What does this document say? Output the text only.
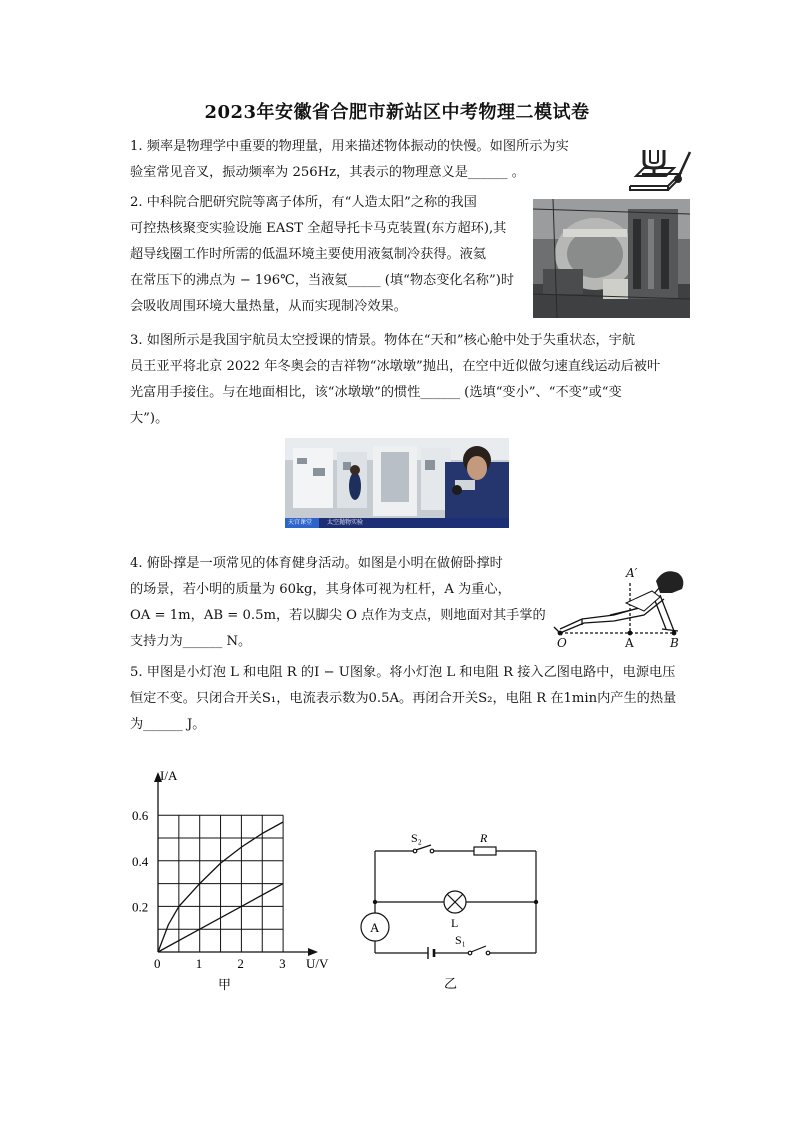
2023年安徽省合肥市新站区中考物理二模试卷
1. 频率是物理学中重要的物理量，用来描述物体振动的快慢。如图所示为实
验室常见音叉，振动频率为 256Hz，其表示的物理意义是______ 。
2. 中科院合肥研究院等离子体所，有“人造太阳”之称的我国
可控热核聚变实验设施 EAST 全超导托卡马克装置(东方超环),其
超导线圈工作时所需的低温环境主要使用液氦制冷获得。液氦
在常压下的沸点为 − 196℃，当液氦_____ (填“物态变化名称”)时
会吸收周围环境大量热量，从而实现制冷效果。
3. 如图所示是我国宇航员太空授课的情景。物体在“天和”核心舱中处于失重状态，宇航
员王亚平将北京 2022 年冬奥会的吉祥物“冰墩墩”抛出，在空中近似做匀速直线运动后被叶
光富用手接住。与在地面相比，该“冰墩墩”的惯性______ (选填“变小”、“不变”或“变
大”)。
天宫课堂 太空抛物实验
4. 俯卧撑是一项常见的体育健身活动。如图是小明在做俯卧撑时
的场景，若小明的质量为 60kg，其身体可视为杠杆，A 为重心，
OA = 1m，AB = 0.5m，若以脚尖 O 点作为支点，则地面对其手掌的
支持力为______ N。
A′
O	A	B
5. 甲图是小灯泡 L 和电阻 R 的I − U图象。将小灯泡 L 和电阻 R 接入乙图电路中，电源电压
恒定不变。只闭合开关S₁，电流表示数为0.5A。再闭合开关S₂，电阻 R 在1min内产生的热量
为______ J。
0.2
0.4
0.6
0	1	2	3
I/A
U/V
甲
A
S₂	R
L
S₁
乙
